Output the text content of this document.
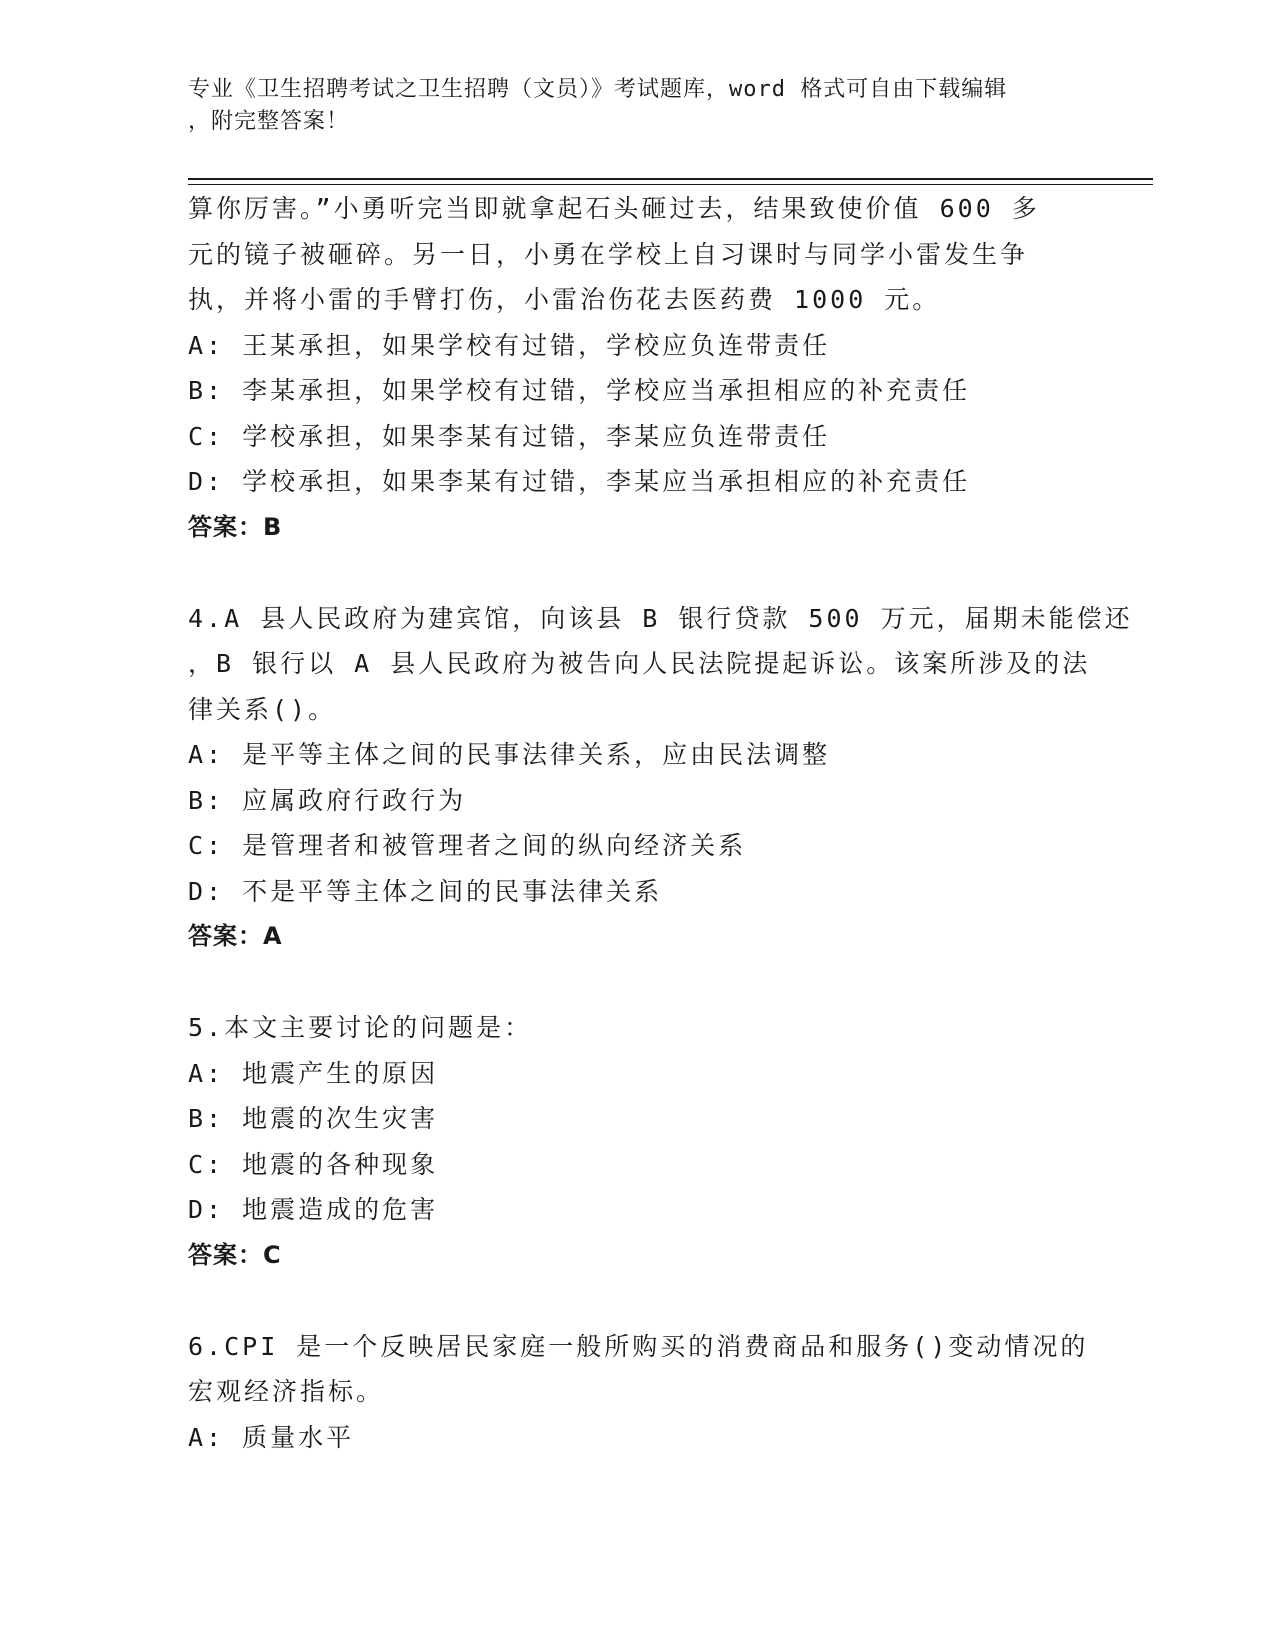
专业《卫生招聘考试之卫生招聘（文员）》考试题库，word 格式可自由下载编辑
，附完整答案！
算你厉害。”小勇听完当即就拿起石头砸过去，结果致使价值 600 多
元的镜子被砸碎。另一日，小勇在学校上自习课时与同学小雷发生争
执，并将小雷的手臂打伤，小雷治伤花去医药费 1000 元。
A: 王某承担，如果学校有过错，学校应负连带责任
B: 李某承担，如果学校有过错，学校应当承担相应的补充责任
C: 学校承担，如果李某有过错，李某应负连带责任
D: 学校承担，如果李某有过错，李某应当承担相应的补充责任
答案：B
4.A 县人民政府为建宾馆，向该县 B 银行贷款 500 万元，届期未能偿还
，B 银行以 A 县人民政府为被告向人民法院提起诉讼。该案所涉及的法
律关系()。
A: 是平等主体之间的民事法律关系，应由民法调整
B: 应属政府行政行为
C: 是管理者和被管理者之间的纵向经济关系
D: 不是平等主体之间的民事法律关系
答案：A
5.本文主要讨论的问题是：
A: 地震产生的原因
B: 地震的次生灾害
C: 地震的各种现象
D: 地震造成的危害
答案：C
6.CPI 是一个反映居民家庭一般所购买的消费商品和服务()变动情况的
宏观经济指标。
A: 质量水平
